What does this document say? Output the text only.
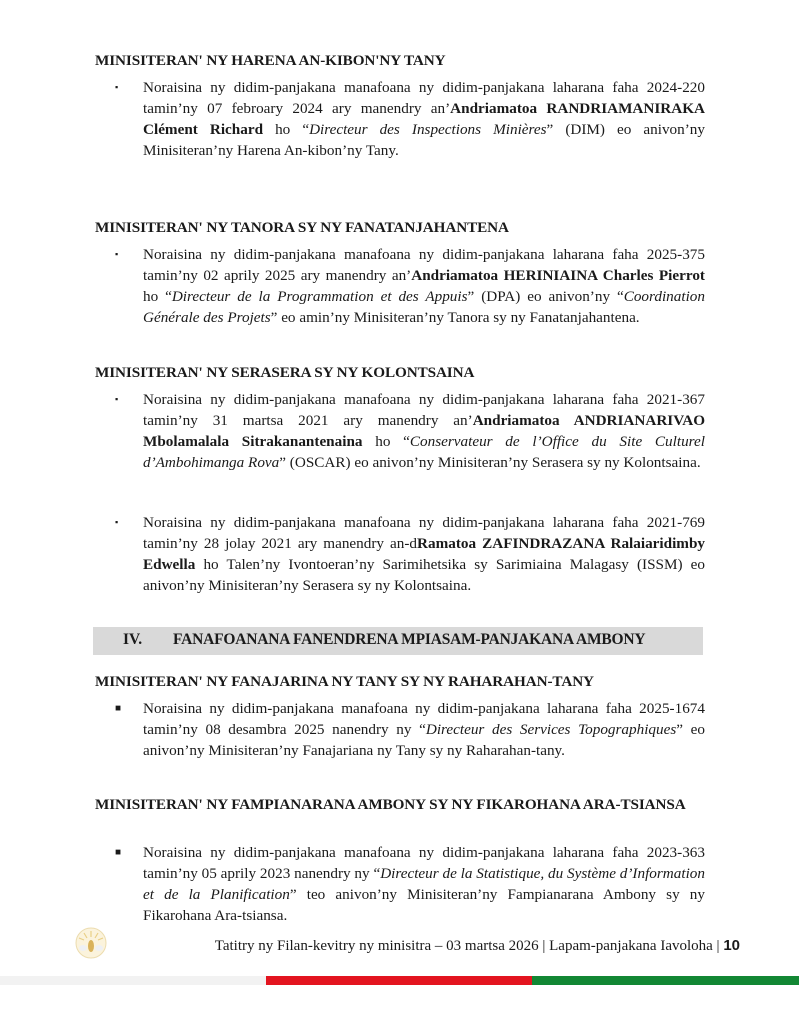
MINISITERAN' NY HARENA AN-KIBON'NY TANY
▪	Noraisina ny didim-panjakana manafoana ny didim-panjakana laharana faha 2024-220 tamin’ny 07 febroary 2024 ary manendry an’Andriamatoa RANDRIAMANIRAKA Clément Richard ho “Directeur des Inspections Minières” (DIM) eo anivon’ny Minisiteran’ny Harena An-kibon’ny Tany.
MINISITERAN' NY TANORA SY NY FANATANJAHANTENA
▪	Noraisina ny didim-panjakana manafoana ny didim-panjakana laharana faha 2025-375 tamin’ny 02 aprily 2025 ary manendry an’Andriamatoa HERINIAINA Charles Pierrot ho “Directeur de la Programmation et des Appuis” (DPA) eo anivon’ny “Coordination Générale des Projets” eo amin’ny Minisiteran’ny Tanora sy ny Fanatanjahantena.
MINISITERAN' NY SERASERA SY NY KOLONTSAINA
▪	Noraisina ny didim-panjakana manafoana ny didim-panjakana laharana faha 2021-367 tamin’ny 31 martsa 2021 ary manendry an’Andriamatoa ANDRIANARIVAO Mbolamalala Sitrakanantenaina ho “Conservateur de l’Office du Site Culturel d’Ambohimanga Rova” (OSCAR) eo anivon’ny Minisiteran’ny Serasera sy ny Kolontsaina.
▪	Noraisina ny didim-panjakana manafoana ny didim-panjakana laharana faha 2021-769 tamin’ny 28 jolay 2021 ary manendry an-dRamatoa ZAFINDRAZANA Ralaiaridimby Edwella ho Talen’ny Ivontoeran’ny Sarimihetsika sy Sarimiaina Malagasy (ISSM) eo anivon’ny Minisiteran’ny Serasera sy ny Kolontsaina.
IV. FANAFOANANA FANENDRENA MPIASAM-PANJAKANA AMBONY
MINISITERAN' NY FANAJARINA NY TANY SY NY RAHARAHAN-TANY
■	Noraisina ny didim-panjakana manafoana ny didim-panjakana laharana faha 2025-1674 tamin’ny 08 desambra 2025 nanendry ny “Directeur des Services Topographiques” eo anivon’ny Minisiteran’ny Fanajariana ny Tany sy ny Raharahan-tany.
MINISITERAN' NY FAMPIANARANA AMBONY SY NY FIKAROHANA ARA-TSIANSA
■	Noraisina ny didim-panjakana manafoana ny didim-panjakana laharana faha 2023-363 tamin’ny 05 aprily 2023 nanendry ny “Directeur de la Statistique, du Système d’Information et de la Planification” teo anivon’ny Minisiteran’ny Fampianarana Ambony sy ny Fikarohana Ara-tsiansa.
Tatitry ny Filan-kevitry ny minisitra – 03 martsa 2026 | Lapam-panjakana Iavoloha | 10
